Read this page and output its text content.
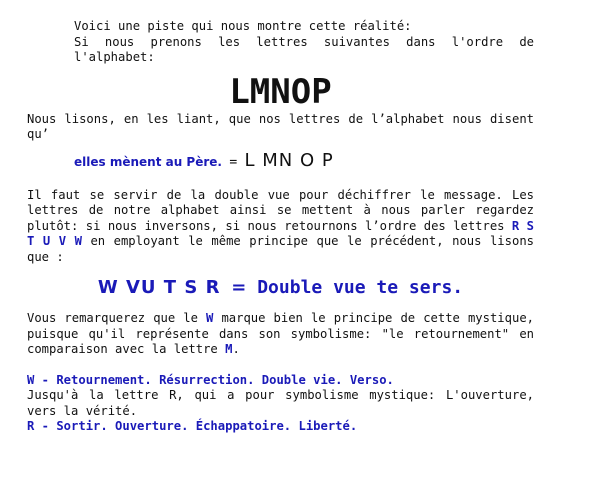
Voici une piste qui nous montre cette réalité:

Si nous prenons les lettres suivantes dans l'ordre de l'alphabet:

LMNOP

Nous lisons, en les liant, que nos lettres de l’alphabet nous disent qu’

elles mènent au Père. = L MN O P

Il faut se servir de la double vue pour déchiffrer le message. Les lettres de notre alphabet ainsi se mettent à nous parler regardez plutôt: si nous inversons, si nous retournons l’ordre des lettres R S T U V W en employant le même principe que le précédent, nous lisons que :

W VU T S R = Double vue te sers.

Vous remarquerez que le W marque bien le principe de cette mystique, puisque qu'il représente dans son symbolisme: "le retournement" en comparaison avec la lettre M.

W - Retournement. Résurrection. Double vie. Verso.

Jusqu'à la lettre R, qui a pour symbolisme mystique: L'ouverture, vers la vérité.

R - Sortir. Ouverture. Échappatoire. Liberté.
